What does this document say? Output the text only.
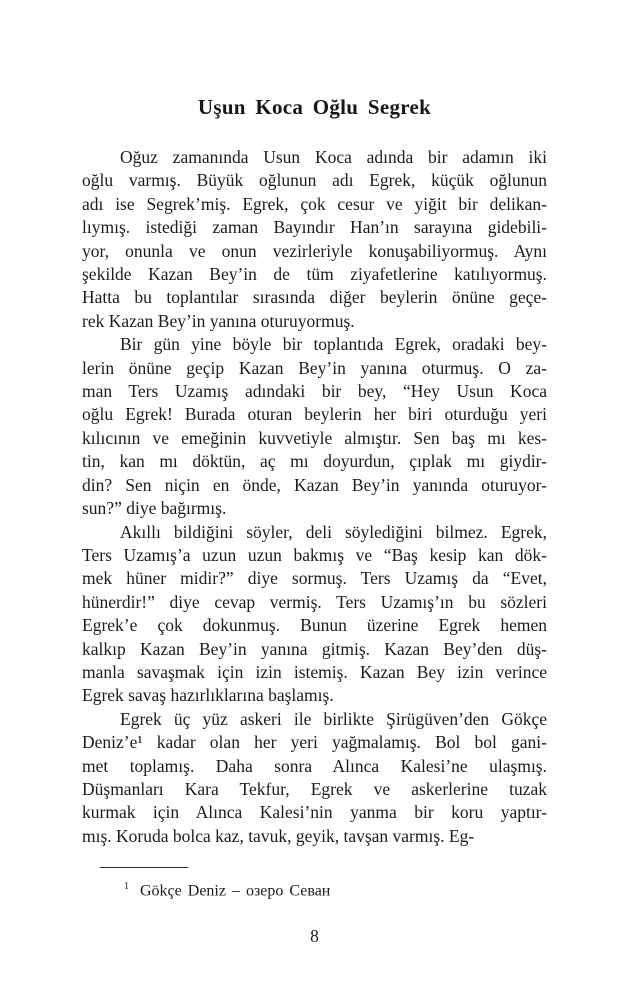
Uşun Koca Oğlu Segrek
Oğuz zamanında Usun Koca adında bir adamın iki
oğlu varmış. Büyük oğlunun adı Egrek, küçük oğlunun
adı ise Segrek’miş. Egrek, çok cesur ve yiğit bir delikan-
lıymış. istediği zaman Bayındır Han’ın sarayına gidebili-
yor, onunla ve onun vezirleriyle konuşabiliyormuş. Aynı
şekilde Kazan Bey’in de tüm ziyafetlerine katılıyormuş.
Hatta bu toplantılar sırasında diğer beylerin önüne geçe-
rek Kazan Bey’in yanına oturuyormuş.
Bir gün yine böyle bir toplantıda Egrek, oradaki bey-
lerin önüne geçip Kazan Bey’in yanına oturmuş. O za-
man Ters Uzamış adındaki bir bey, “Hey Usun Koca
oğlu Egrek! Burada oturan beylerin her biri oturduğu yeri
kılıcının ve emeğinin kuvvetiyle almıştır. Sen baş mı kes-
tin, kan mı döktün, aç mı doyurdun, çıplak mı giydir-
din? Sen niçin en önde, Kazan Bey’in yanında oturuyor-
sun?” diye bağırmış.
Akıllı bildiğini söyler, deli söylediğini bilmez. Egrek,
Ters Uzamış’a uzun uzun bakmış ve “Baş kesip kan dök-
mek hüner midir?” diye sormuş. Ters Uzamış da “Evet,
hünerdir!” diye cevap vermiş. Ters Uzamış’ın bu sözleri
Egrek’e çok dokunmuş. Bunun üzerine Egrek hemen
kalkıp Kazan Bey’in yanına gitmiş. Kazan Bey’den düş-
manla savaşmak için izin istemiş. Kazan Bey izin verince
Egrek savaş hazırlıklarına başlamış.
Egrek üç yüz askeri ile birlikte Şirügüven’den Gökçe
Deniz’e¹ kadar olan her yeri yağmalamış. Bol bol gani-
met toplamış. Daha sonra Alınca Kalesi’ne ulaşmış.
Düşmanları Kara Tekfur, Egrek ve askerlerine tuzak
kurmak için Alınca Kalesi’nin yanma bir koru yaptır-
mış. Koruda bolca kaz, tavuk, geyik, tavşan varmış. Eg-
$^1$ Gökçe Deniz – озеро Севан
8
